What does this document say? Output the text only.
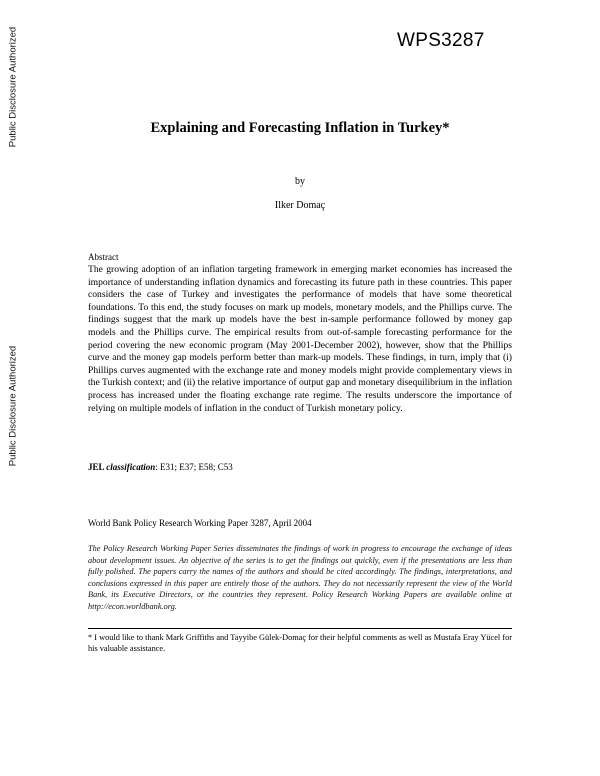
Public Disclosure Authorized
Public Disclosure Authorized
WPS3287
Explaining and Forecasting Inflation in Turkey*
by
Ilker Domaç
Abstract

The growing adoption of an inflation targeting framework in emerging market economies has increased the importance of understanding inflation dynamics and forecasting its future path in these countries. This paper considers the case of Turkey and investigates the performance of models that have some theoretical foundations. To this end, the study focuses on mark up models, monetary models, and the Phillips curve. The findings suggest that the mark up models have the best in-sample performance followed by money gap models and the Phillips curve. The empirical results from out-of-sample forecasting performance for the period covering the new economic program (May 2001-December 2002), however, show that the Phillips curve and the money gap models perform better than mark-up models. These findings, in turn, imply that (i) Phillips curves augmented with the exchange rate and money models might provide complementary views in the Turkish context; and (ii) the relative importance of output gap and monetary disequilibrium in the inflation process has increased under the floating exchange rate regime. The results underscore the importance of relying on multiple models of inflation in the conduct of Turkish monetary policy.

JEL classification: E31; E37; E58; C53
World Bank Policy Research Working Paper 3287, April 2004

The Policy Research Working Paper Series disseminates the findings of work in progress to encourage the exchange of ideas about development issues. An objective of the series is to get the findings out quickly, even if the presentations are less than fully polished. The papers carry the names of the authors and should be cited accordingly. The findings, interpretations, and conclusions expressed in this paper are entirely those of the authors. They do not necessarily represent the view of the World Bank, its Executive Directors, or the countries they represent. Policy Research Working Papers are available online at http://econ.worldbank.org.

* I would like to thank Mark Griffiths and Tayyibe Gülek-Domaç for their helpful comments as well as Mustafa Eray Yücel for his valuable assistance.
